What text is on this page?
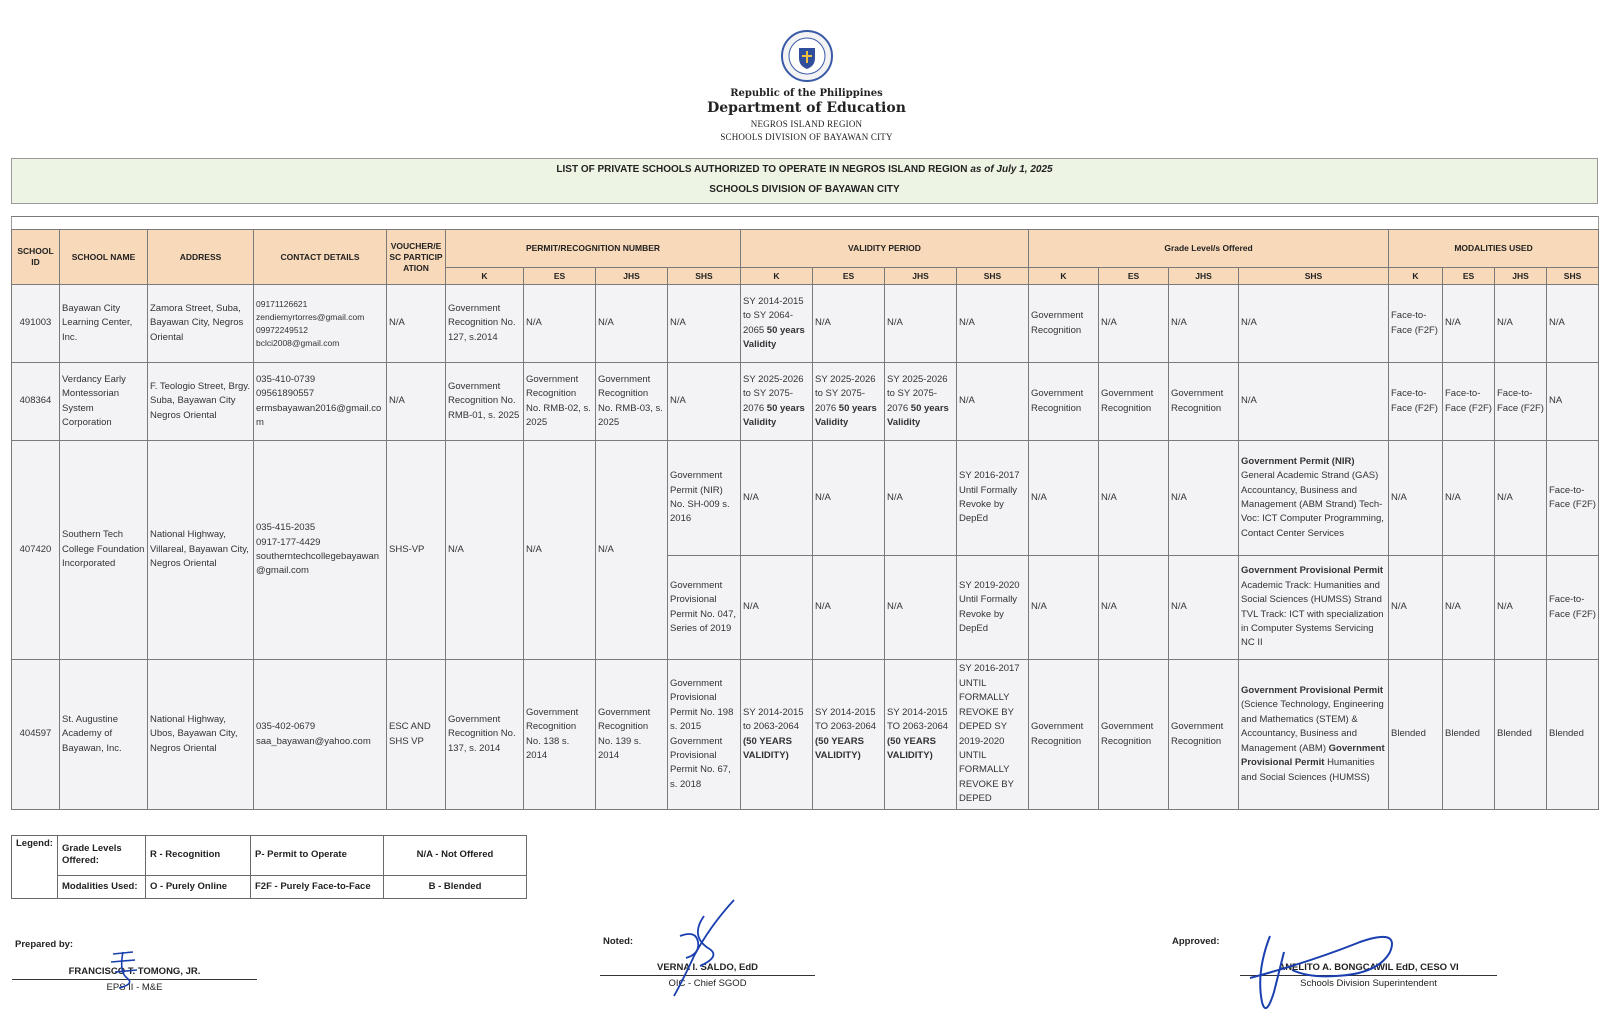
Republic of the Philippines
Department of Education
NEGROS ISLAND REGION
SCHOOLS DIVISION OF BAYAWAN CITY
LIST OF PRIVATE SCHOOLS AUTHORIZED TO OPERATE IN NEGROS ISLAND REGION as of July 1, 2025
SCHOOLS DIVISION OF BAYAWAN CITY

SCHOOL ID	SCHOOL NAME	ADDRESS	CONTACT DETAILS	VOUCHER/ESC PARTICIPATION	PERMIT/RECOGNITION NUMBER				VALIDITY PERIOD				Grade Level/s Offered				MODALITIES USED			
					K	ES	JHS	SHS	K	ES	JHS	SHS	K	ES	JHS	SHS	K	ES	JHS	SHS
491003	Bayawan City Learning Center, Inc.	Zamora Street, Suba, Bayawan City, Negros Oriental	09171126621
zendiemyrtorres@gmail.com
09972249512
bclci2008@gmail.com	N/A	Government Recognition No. 127, s.2014	N/A	N/A	N/A	SY 2014-2015 to SY 2064-2065 50 years Validity	N/A	N/A	N/A	Government Recognition	N/A	N/A	N/A	Face-to-Face (F2F)	N/A	N/A	N/A
408364	Verdancy Early Montessorian System Corporation	F. Teologio Street, Brgy. Suba, Bayawan City Negros Oriental	035-410-0739
09561890557
ermsbayawan2016@gmail.com	N/A	Government Recognition No. RMB-01, s. 2025	Government Recognition No. RMB-02, s. 2025	Government Recognition No. RMB-03, s. 2025	N/A	SY 2025-2026 to SY 2075-2076 50 years Validity	SY 2025-2026 to SY 2075-2076 50 years Validity	SY 2025-2026 to SY 2075-2076 50 years Validity	N/A	Government Recognition	Government Recognition	Government Recognition	N/A	Face-to-Face (F2F)	Face-to-Face (F2F)	Face-to-Face (F2F)	NA
407420	Southern Tech College Foundation Incorporated	National Highway, Villareal, Bayawan City, Negros Oriental	035-415-2035
0917-177-4429
southerntechcollegebayawan@gmail.com	SHS-VP	N/A	N/A	N/A	Government Permit (NIR) No. SH-009 s. 2016	N/A	N/A	N/A	SY 2016-2017 Until Formally Revoke by DepEd	N/A	N/A	N/A	Government Permit (NIR) General Academic Strand (GAS) Accountancy, Business and Management (ABM Strand) Tech-Voc: ICT Computer Programming, Contact Center Services	N/A	N/A	N/A	Face-to-Face (F2F)
								Government Provisional Permit No. 047, Series of 2019	N/A	N/A	N/A	SY 2019-2020 Until Formally Revoke by DepEd	N/A	N/A	N/A	Government Provisional Permit Academic Track: Humanities and Social Sciences (HUMSS) Strand TVL Track: ICT with specialization in Computer Systems Servicing NC II	N/A	N/A	N/A	Face-to-Face (F2F)
404597	St. Augustine Academy of Bayawan, Inc.	National Highway, Ubos, Bayawan City, Negros Oriental	035-402-0679
saa_bayawan@yahoo.com	ESC AND SHS VP	Government Recognition No. 137, s. 2014	Government Recognition No. 138 s. 2014	Government Recognition No. 139 s. 2014	Government Provisional Permit No. 198 s. 2015 Government Provisional Permit No. 67, s. 2018	SY 2014-2015 to 2063-2064 (50 YEARS VALIDITY)	SY 2014-2015 TO 2063-2064 (50 YEARS VALIDITY)	SY 2014-2015 TO 2063-2064 (50 YEARS VALIDITY)	SY 2016-2017 UNTIL FORMALLY REVOKE BY DEPED SY 2019-2020 UNTIL FORMALLY REVOKE BY DEPED	Government Recognition	Government Recognition	Government Recognition	Government Provisional Permit (Science Technology, Engineering and Mathematics (STEM) & Accountancy, Business and Management (ABM) Government Provisional Permit Humanities and Social Sciences (HUMSS)	Blended	Blended	Blended	Blended
Legend:	Grade Levels Offered:	R - Recognition	P- Permit to Operate	N/A - Not Offered
	Modalities Used:	O - Purely Online	F2F - Purely Face-to-Face	B - Blended
Prepared by:
FRANCISCO T. TOMONG, JR.
EPS II - M&E
Noted:
VERNA I. SALDO, EdD
OIC - Chief SGOD
Approved:
ANELITO A. BONGCAWIL EdD, CESO VI
Schools Division Superintendent
